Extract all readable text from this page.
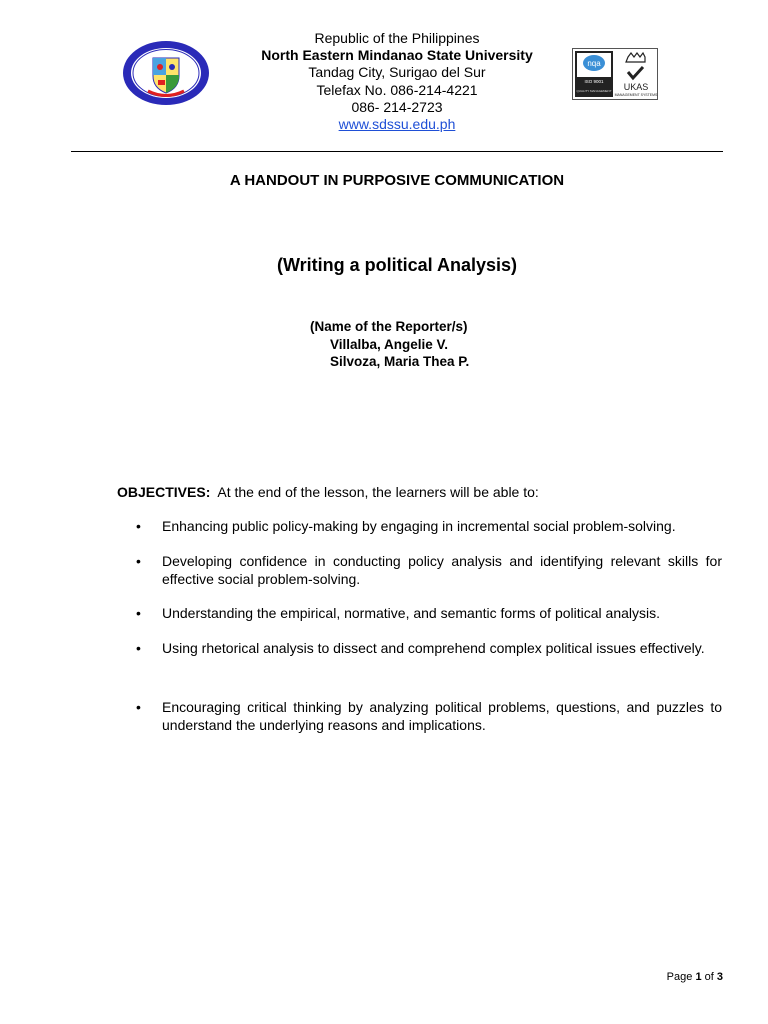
Republic of the Philippines
North Eastern Mindanao State University
Tandag City, Surigao del Sur
Telefax No. 086-214-4221
086- 214-2723
www.sdssu.edu.ph
nqa
ISO 9001
QUALITY MANAGEMENT UKAS
MANAGEMENT SYSTEMS
A HANDOUT IN PURPOSIVE COMMUNICATION
(Writing a political Analysis)
(Name of the Reporter/s)
Villalba, Angelie V.
Silvoza, Maria Thea P.
OBJECTIVES: At the end of the lesson, the learners will be able to:
• Enhancing public policy-making by engaging in incremental social problem-solving.
• Developing confidence in conducting policy analysis and identifying relevant skills for effective social problem-solving.
• Understanding the empirical, normative, and semantic forms of political analysis.
• Using rhetorical analysis to dissect and comprehend complex political issues effectively.
• Encouraging critical thinking by analyzing political problems, questions, and puzzles to understand the underlying reasons and implications.
Page 1 of 3
